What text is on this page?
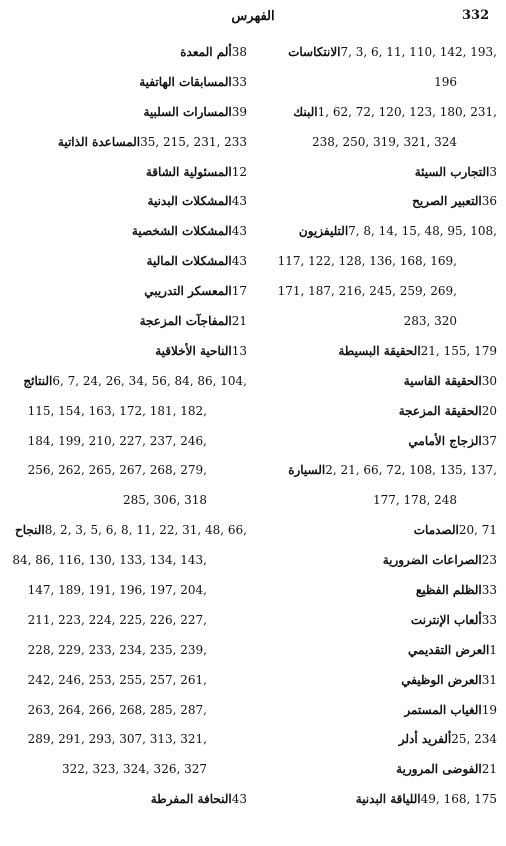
332
الفهرس
الانتكاسات7, 3, 6, 11, 110, 142, 193,
196
البنك1, 62, 72, 120, 123, 180, 231,
238, 250, 319, 321, 324
التجارب السيئة3
التعبير الصريح36
التليفزيون7, 8, 14, 15, 48, 95, 108,
117, 122, 128, 136, 168, 169,
171, 187, 216, 245, 259, 269,
283, 320
الحقيقة البسيطة21, 155, 179
الحقيقة القاسية30
الحقيقة المزعجة20
الزجاج الأمامي37
السيارة2, 21, 66, 72, 108, 135, 137,
177, 178, 248
الصدمات20, 71
الصراعات الضرورية23
الظلم الفظيع33
ألعاب الإنترنت33
العرض التقديمي1
العرض الوظيفي31
الغياب المستمر19
ألفريد أدلر25, 234
الفوضى المرورية21
اللياقة البدنية49, 168, 175
ألم المعدة38
المسابقات الهاتفية33
المسارات السلبية39
المساعدة الذاتية35, 215, 231, 233
المسئولية الشاقة12
المشكلات البدنية43
المشكلات الشخصية43
المشكلات المالية43
المعسكر التدريبي17
المفاجآت المزعجة21
الناحية الأخلاقية13
النتائج6, 7, 24, 26, 34, 56, 84, 86, 104,
115, 154, 163, 172, 181, 182,
184, 199, 210, 227, 237, 246,
256, 262, 265, 267, 268, 279,
285, 306, 318
النجاح8, 2, 3, 5, 6, 8, 11, 22, 31, 48, 66,
84, 86, 116, 130, 133, 134, 143,
147, 189, 191, 196, 197, 204,
211, 223, 224, 225, 226, 227,
228, 229, 233, 234, 235, 239,
242, 246, 253, 255, 257, 261,
263, 264, 266, 268, 285, 287,
289, 291, 293, 307, 313, 321,
322, 323, 324, 326, 327
النحافة المفرطة43
